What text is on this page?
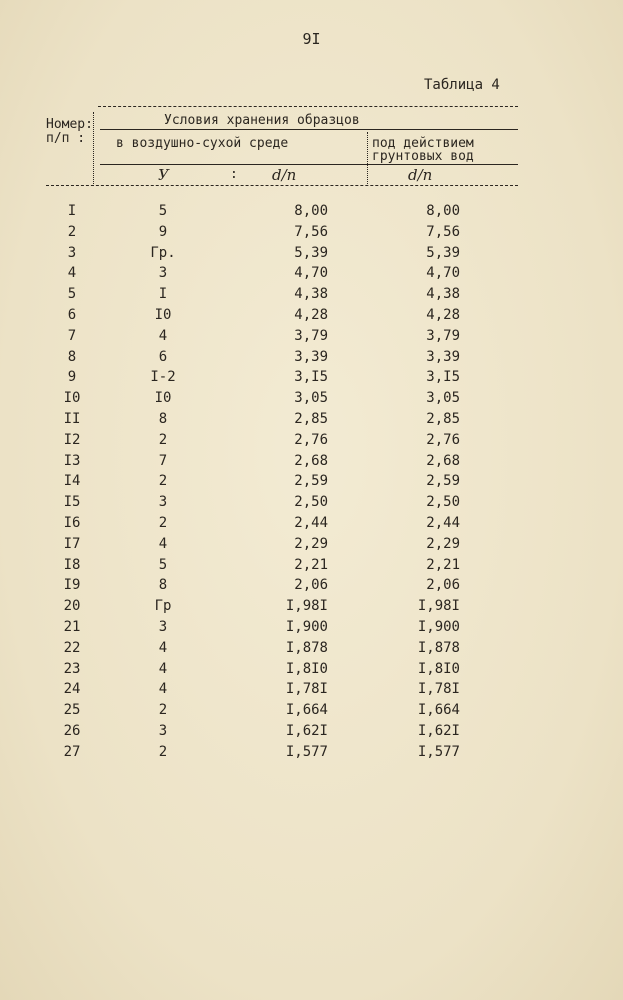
9I
Таблица 4
Номер:
п/п :
Условия хранения образцов
в воздушно-сухой среде	под действием
грунтовых вод
У	: d/n	d/n
I	5	8,00	8,00
2	9	7,56	7,56
3	Гр.	5,39	5,39
4	3	4,70	4,70
5	I	4,38	4,38
6	I0	4,28	4,28
7	4	3,79	3,79
8	6	3,39	3,39
9	I-2	3,I5	3,I5
I0	I0	3,05	3,05
II	8	2,85	2,85
I2	2	2,76	2,76
I3	7	2,68	2,68
I4	2	2,59	2,59
I5	3	2,50	2,50
I6	2	2,44	2,44
I7	4	2,29	2,29
I8	5	2,21	2,21
I9	8	2,06	2,06
20	Гр	I,98I	I,98I
21	3	I,900	I,900
22	4	I,878	I,878
23	4	I,8I0	I,8I0
24	4	I,78I	I,78I
25	2	I,664	I,664
26	3	I,62I	I,62I
27	2	I,577	I,577
